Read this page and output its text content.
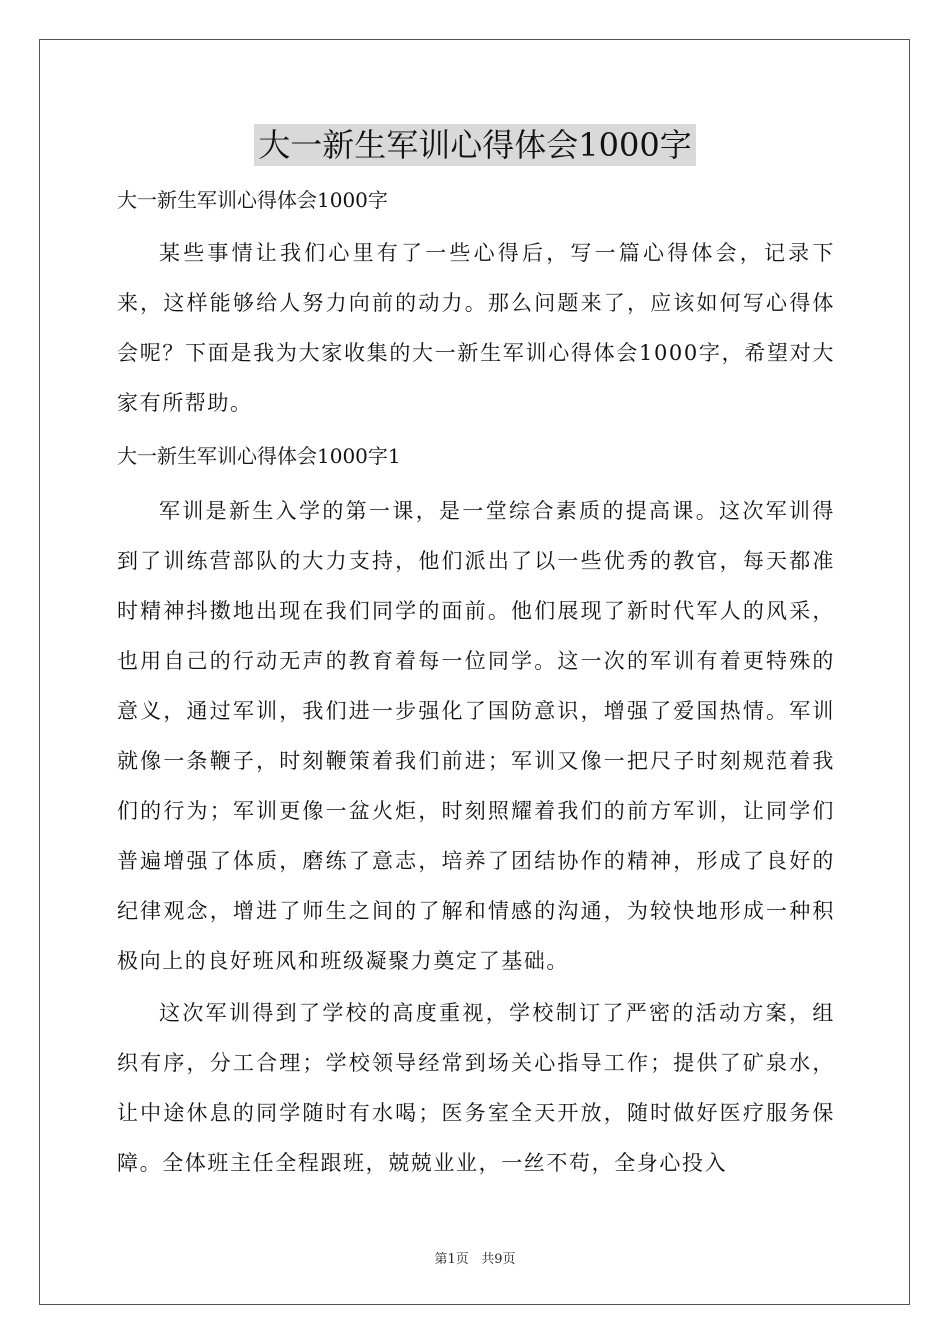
大一新生军训心得体会1000字

大一新生军训心得体会1000字

某些事情让我们心里有了一些心得后，写一篇心得体会，记录下来，这样能够给人努力向前的动力。那么问题来了，应该如何写心得体会呢？下面是我为大家收集的大一新生军训心得体会1000字，希望对大家有所帮助。

大一新生军训心得体会1000字1

军训是新生入学的第一课，是一堂综合素质的提高课。这次军训得到了训练营部队的大力支持，他们派出了以一些优秀的教官，每天都准时精神抖擞地出现在我们同学的面前。他们展现了新时代军人的风采，也用自己的行动无声的教育着每一位同学。这一次的军训有着更特殊的意义，通过军训，我们进一步强化了国防意识，增强了爱国热情。军训就像一条鞭子，时刻鞭策着我们前进；军训又像一把尺子时刻规范着我们的行为；军训更像一盆火炬，时刻照耀着我们的前方军训，让同学们普遍增强了体质，磨练了意志，培养了团结协作的精神，形成了良好的纪律观念，增进了师生之间的了解和情感的沟通，为较快地形成一种积极向上的良好班风和班级凝聚力奠定了基础。

这次军训得到了学校的高度重视，学校制订了严密的活动方案，组织有序，分工合理；学校领导经常到场关心指导工作；提供了矿泉水，让中途休息的同学随时有水喝；医务室全天开放，随时做好医疗服务保障。全体班主任全程跟班，兢兢业业，一丝不苟，全身心投入

第1页 共9页
